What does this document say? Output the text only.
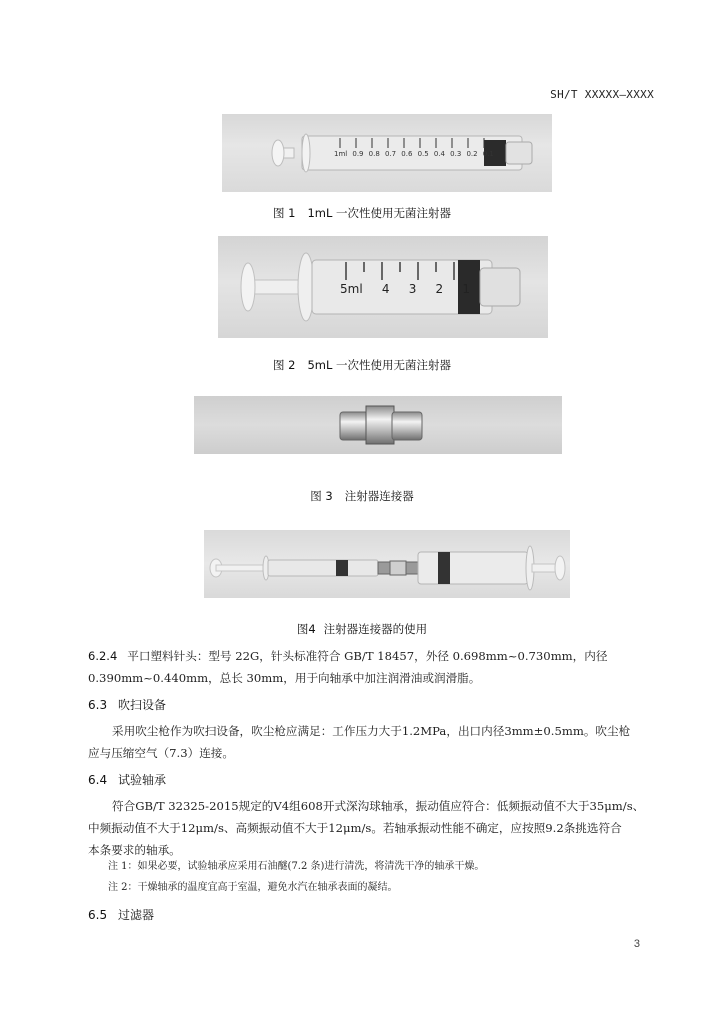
SH/T XXXXX—XXXX
1ml 0.9 0.8 0.7 0.6 0.5 0.4 0.3 0.2 0.1
图 1 1mL 一次性使用无菌注射器
5ml 4 3 2 1
图 2 5mL 一次性使用无菌注射器
图 3 注射器连接器
图4 注射器连接器的使用
6.2.4 平口塑料针头：型号 22G，针头标准符合 GB/T 18457，外径 0.698mm~0.730mm，内径
0.390mm~0.440mm，总长 30mm，用于向轴承中加注润滑油或润滑脂。
6.3 吹扫设备
采用吹尘枪作为吹扫设备，吹尘枪应满足：工作压力大于1.2MPa，出口内径3mm±0.5mm。吹尘枪
应与压缩空气（7.3）连接。
6.4 试验轴承
符合GB/T 32325-2015规定的V4组608开式深沟球轴承，振动值应符合：低频振动值不大于35μm/s、
中频振动值不大于12μm/s、高频振动值不大于12μm/s。若轴承振动性能不确定，应按照9.2条挑选符合
本条要求的轴承。
注 1：如果必要，试验轴承应采用石油醚(7.2 条)进行清洗，将清洗干净的轴承干燥。
注 2：干燥轴承的温度宜高于室温，避免水汽在轴承表面的凝结。
6.5 过滤器
3
